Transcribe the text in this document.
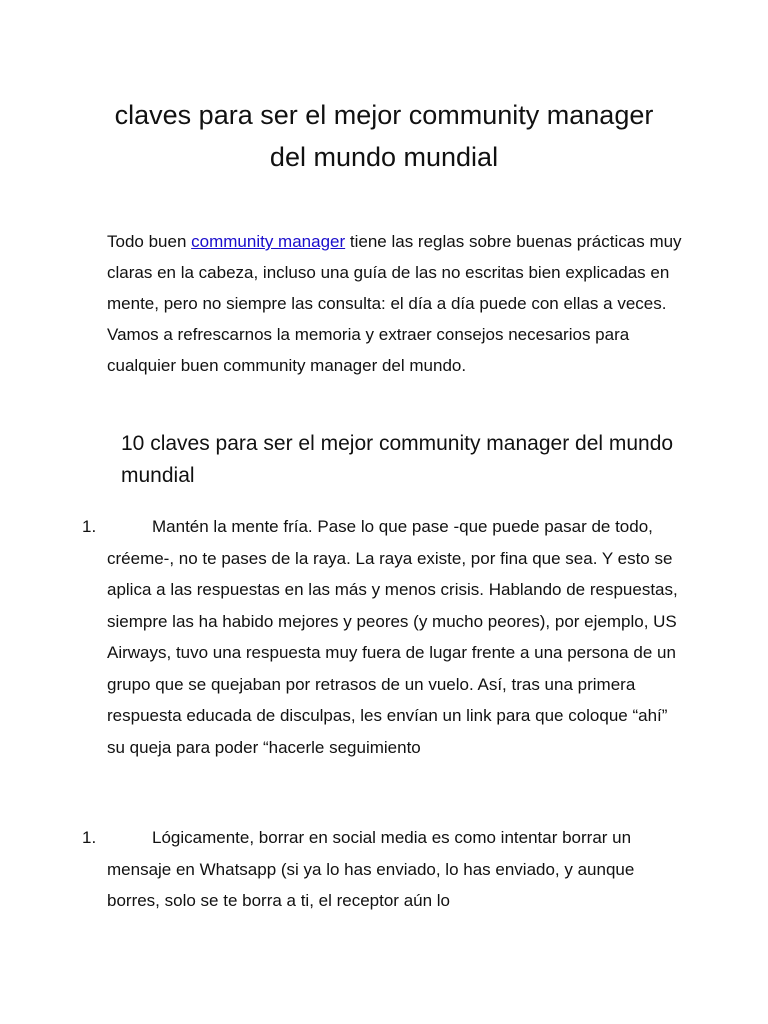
claves para ser el mejor community manager del mundo mundial

Todo buen community manager tiene las reglas sobre buenas prácticas muy claras en la cabeza, incluso una guía de las no escritas bien explicadas en mente, pero no siempre las consulta: el día a día puede con ellas a veces.
Vamos a refrescarnos la memoria y extraer consejos necesarios para cualquier buen community manager del mundo.

10 claves para ser el mejor community manager del mundo mundial

1.	Mantén la mente fría. Pase lo que pase -que puede pasar de todo, créeme-, no te pases de la raya. La raya existe, por fina que sea. Y esto se aplica a las respuestas en las más y menos crisis. Hablando de respuestas, siempre las ha habido mejores y peores (y mucho peores), por ejemplo, US Airways, tuvo una respuesta muy fuera de lugar frente a una persona de un grupo que se quejaban por retrasos de un vuelo. Así, tras una primera respuesta educada de disculpas, les envían un link para que coloque “ahí” su queja para poder “hacerle seguimiento

1.	Lógicamente, borrar en social media es como intentar borrar un mensaje en Whatsapp (si ya lo has enviado, lo has enviado, y aunque borres, solo se te borra a ti, el receptor aún lo
